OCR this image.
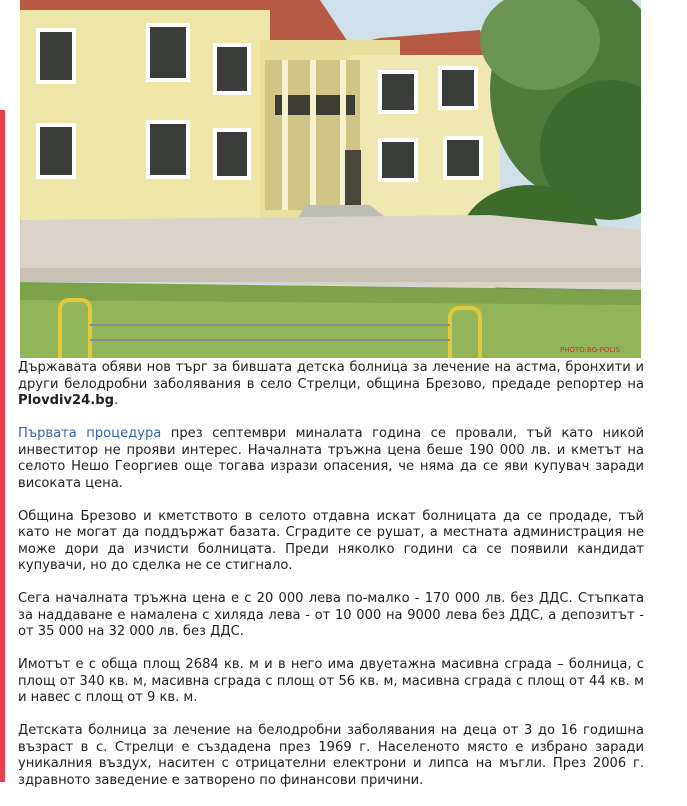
PHOTO:BG-POLIS

Държавата обяви нов търг за бившата детска болница за лечение на астма, бронхити и други белодробни заболявания в село Стрелци, община Брезово, предаде репортер на Plovdiv24.bg.

Първата процедура през септември миналата година се провали, тъй като никой инвеститор не прояви интерес. Началната тръжна цена беше 190 000 лв. и кметът на селото Нешо Георгиев още тогава изрази опасения, че няма да се яви купувач заради високата цена.

Община Брезово и кметството в селото отдавна искат болницата да се продаде, тъй като не могат да поддържат базата. Сградите се рушат, а местната администрация не може дори да изчисти болницата. Преди няколко години са се появили кандидат купувачи, но до сделка не се стигнало.

Сега началната тръжна цена е с 20 000 лева по-малко - 170 000 лв. без ДДС. Стъпката за наддаване е намалена с хиляда лева - от 10 000 на 9000 лева без ДДС, а депозитът - от 35 000 на 32 000 лв. без ДДС.

Имотът е с обща площ 2684 кв. м и в него има двуетажна масивна сграда – болница, с площ от 340 кв. м, масивна сграда с площ от 56 кв. м, масивна сграда с площ от 44 кв. м и навес с площ от 9 кв. м.

Детската болница за лечение на белодробни заболявания на деца от 3 до 16 годишна възраст в с. Стрелци е създадена през 1969 г. Населеното място е избрано заради уникалния въздух, наситен с отрицателни електрони и липса на мъгли. През 2006 г. здравното заведение е затворено по финансови причини.
